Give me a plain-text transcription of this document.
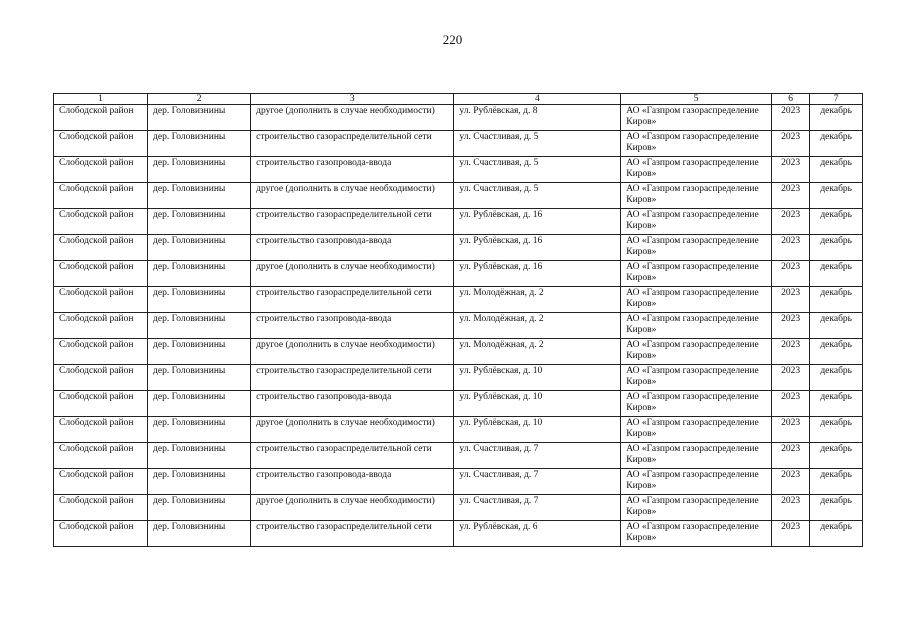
220
1	2	3	4	5	6	7
Слободской район	дер. Головизнины	другое (дополнить в случае необходимости)	ул. Рублёвская, д. 8	АО «Газпром газораспределение Киров»	2023	декабрь
Слободской район	дер. Головизнины	строительство газораспределительной сети	ул. Счастливая, д. 5	АО «Газпром газораспределение Киров»	2023	декабрь
Слободской район	дер. Головизнины	строительство газопровода-ввода	ул. Счастливая, д. 5	АО «Газпром газораспределение Киров»	2023	декабрь
Слободской район	дер. Головизнины	другое (дополнить в случае необходимости)	ул. Счастливая, д. 5	АО «Газпром газораспределение Киров»	2023	декабрь
Слободской район	дер. Головизнины	строительство газораспределительной сети	ул. Рублёвская, д. 16	АО «Газпром газораспределение Киров»	2023	декабрь
Слободской район	дер. Головизнины	строительство газопровода-ввода	ул. Рублёвская, д. 16	АО «Газпром газораспределение Киров»	2023	декабрь
Слободской район	дер. Головизнины	другое (дополнить в случае необходимости)	ул. Рублёвская, д. 16	АО «Газпром газораспределение Киров»	2023	декабрь
Слободской район	дер. Головизнины	строительство газораспределительной сети	ул. Молодёжная, д. 2	АО «Газпром газораспределение Киров»	2023	декабрь
Слободской район	дер. Головизнины	строительство газопровода-ввода	ул. Молодёжная, д. 2	АО «Газпром газораспределение Киров»	2023	декабрь
Слободской район	дер. Головизнины	другое (дополнить в случае необходимости)	ул. Молодёжная, д. 2	АО «Газпром газораспределение Киров»	2023	декабрь
Слободской район	дер. Головизнины	строительство газораспределительной сети	ул. Рублёвская, д. 10	АО «Газпром газораспределение Киров»	2023	декабрь
Слободской район	дер. Головизнины	строительство газопровода-ввода	ул. Рублёвская, д. 10	АО «Газпром газораспределение Киров»	2023	декабрь
Слободской район	дер. Головизнины	другое (дополнить в случае необходимости)	ул. Рублёвская, д. 10	АО «Газпром газораспределение Киров»	2023	декабрь
Слободской район	дер. Головизнины	строительство газораспределительной сети	ул. Счастливая, д. 7	АО «Газпром газораспределение Киров»	2023	декабрь
Слободской район	дер. Головизнины	строительство газопровода-ввода	ул. Счастливая, д. 7	АО «Газпром газораспределение Киров»	2023	декабрь
Слободской район	дер. Головизнины	другое (дополнить в случае необходимости)	ул. Счастливая, д. 7	АО «Газпром газораспределение Киров»	2023	декабрь
Слободской район	дер. Головизнины	строительство газораспределительной сети	ул. Рублёвская, д. 6	АО «Газпром газораспределение Киров»	2023	декабрь
